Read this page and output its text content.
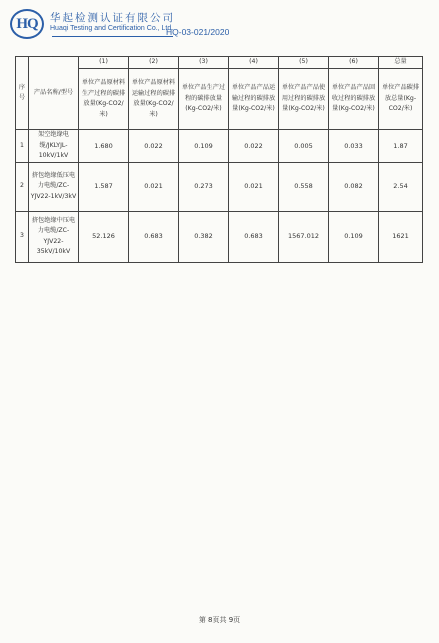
HQ	华起检测认证有限公司
Huaqi Testing and Certification Co., Ltd.
HQ-03-021/2020
序号	产品名称/型号	(1)	(2)	(3)	(4)	(5)	(6)	总量
		单位产品原材料生产过程的碳排放量(Kg-CO2/米)	单位产品原材料运输过程的碳排放量(Kg-CO2/米)	单位产品生产过程的碳排放量(Kg-CO2/米)	单位产品产品运输过程的碳排放量(Kg-CO2/米)	单位产品产品使用过程的碳排放量(Kg-CO2/米)	单位产品产品回收过程的碳排放量(Kg-CO2/米)	单位产品碳排放总量(Kg-CO2/米)
1	架空绝缘电缆/JKLYJL-10kV/1kV	1.680	0.022	0.109	0.022	0.005	0.033	1.87
2	挤包绝缘低压电力电缆/ZC-YJV22-1kV/3kV	1.587	0.021	0.273	0.021	0.558	0.082	2.54
3	挤包绝缘中压电力电缆/ZC-YJV22-35kV/10kV	52.126	0.683	0.382	0.683	1567.012	0.109	1621
第 8页共 9页
